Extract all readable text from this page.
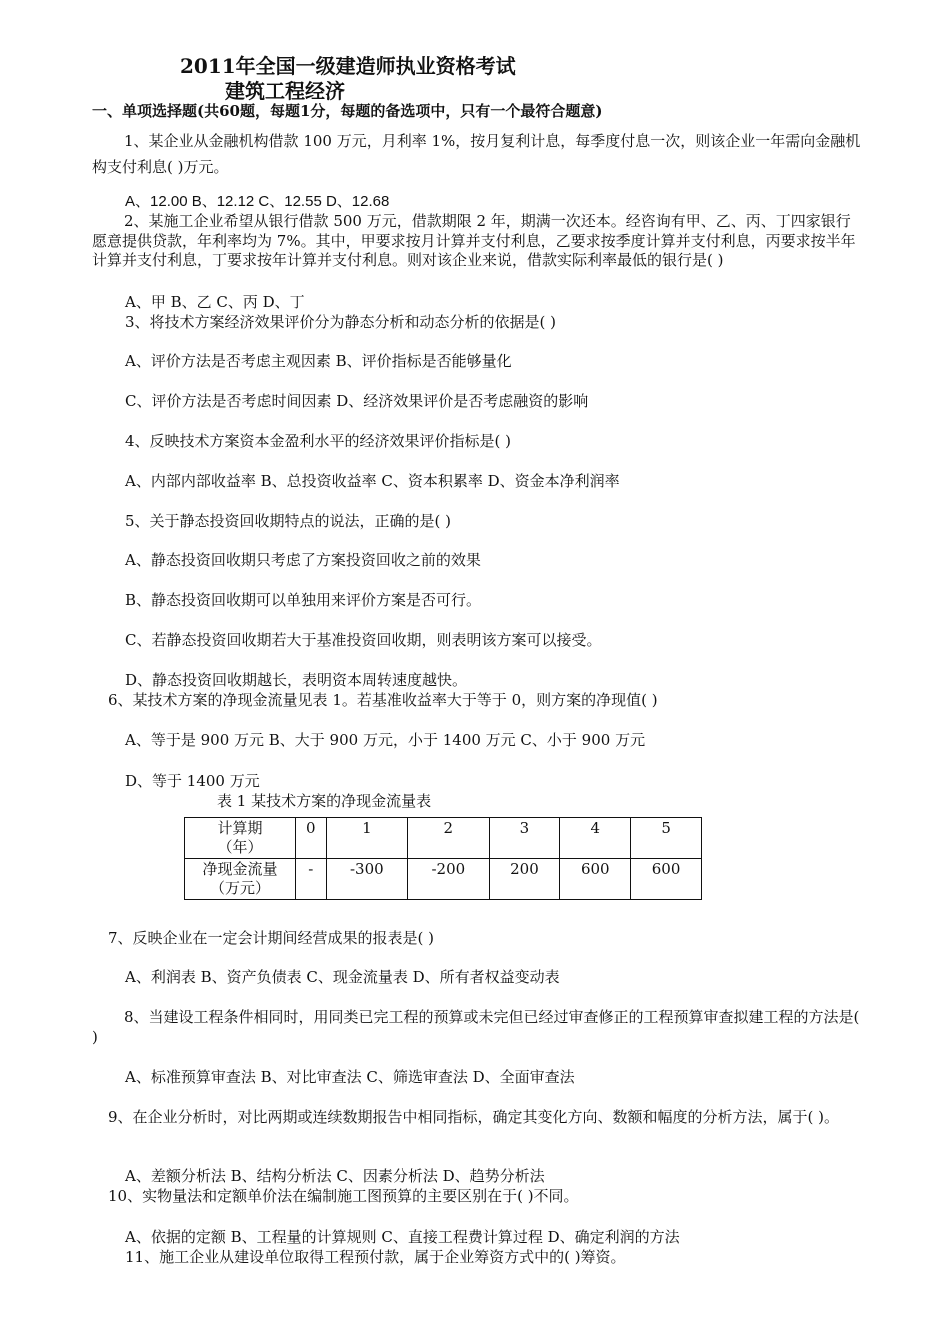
2011年全国一级建造师执业资格考试
建筑工程经济
一、单项选择题(共60题，每题1分，每题的备选项中，只有一个最符合题意)
1、某企业从金融机构借款 100 万元，月利率 1%，按月复利计息，每季度付息一次，则该企业一年需向金融机构支付利息( )万元。
A、12.00 B、12.12 C、12.55 D、12.68
2、某施工企业希望从银行借款 500 万元，借款期限 2 年，期满一次还本。经咨询有甲、乙、丙、丁四家银行愿意提供贷款，年利率均为 7%。其中，甲要求按月计算并支付利息，乙要求按季度计算并支付利息，丙要求按半年计算并支付利息，丁要求按年计算并支付利息。则对该企业来说，借款实际利率最低的银行是( )
A、甲 B、乙 C、丙 D、丁
3、将技术方案经济效果评价分为静态分析和动态分析的依据是( )
A、评价方法是否考虑主观因素 B、评价指标是否能够量化
C、评价方法是否考虑时间因素 D、经济效果评价是否考虑融资的影响
4、反映技术方案资本金盈利水平的经济效果评价指标是( )
A、内部内部收益率 B、总投资收益率 C、资本积累率 D、资金本净利润率
5、关于静态投资回收期特点的说法，正确的是( )
A、静态投资回收期只考虑了方案投资回收之前的效果
B、静态投资回收期可以单独用来评价方案是否可行。
C、若静态投资回收期若大于基准投资回收期，则表明该方案可以接受。
D、静态投资回收期越长，表明资本周转速度越快。
6、某技术方案的净现金流量见表 1。若基准收益率大于等于 0，则方案的净现值( )
A、等于是 900 万元 B、大于 900 万元，小于 1400 万元 C、小于 900 万元
D、等于 1400 万元
表 1 某技术方案的净现金流量表
计算期
（年）	0	1	2	3	4	5
净现金流量
（万元）	-	-300	-200	200	600	600
7、反映企业在一定会计期间经营成果的报表是( )
A、利润表 B、资产负债表 C、现金流量表 D、所有者权益变动表
8、当建设工程条件相同时，用同类已完工程的预算或未完但已经过审查修正的工程预算审查拟建工程的方法是( )
A、标准预算审查法 B、对比审查法 C、筛选审查法 D、全面审查法
9、在企业分析时，对比两期或连续数期报告中相同指标，确定其变化方向、数额和幅度的分析方法，属于( )。
A、差额分析法 B、结构分析法 C、因素分析法 D、趋势分析法
10、实物量法和定额单价法在编制施工图预算的主要区别在于( )不同。
A、依据的定额 B、工程量的计算规则 C、直接工程费计算过程 D、确定利润的方法
11、施工企业从建设单位取得工程预付款，属于企业筹资方式中的( )筹资。
